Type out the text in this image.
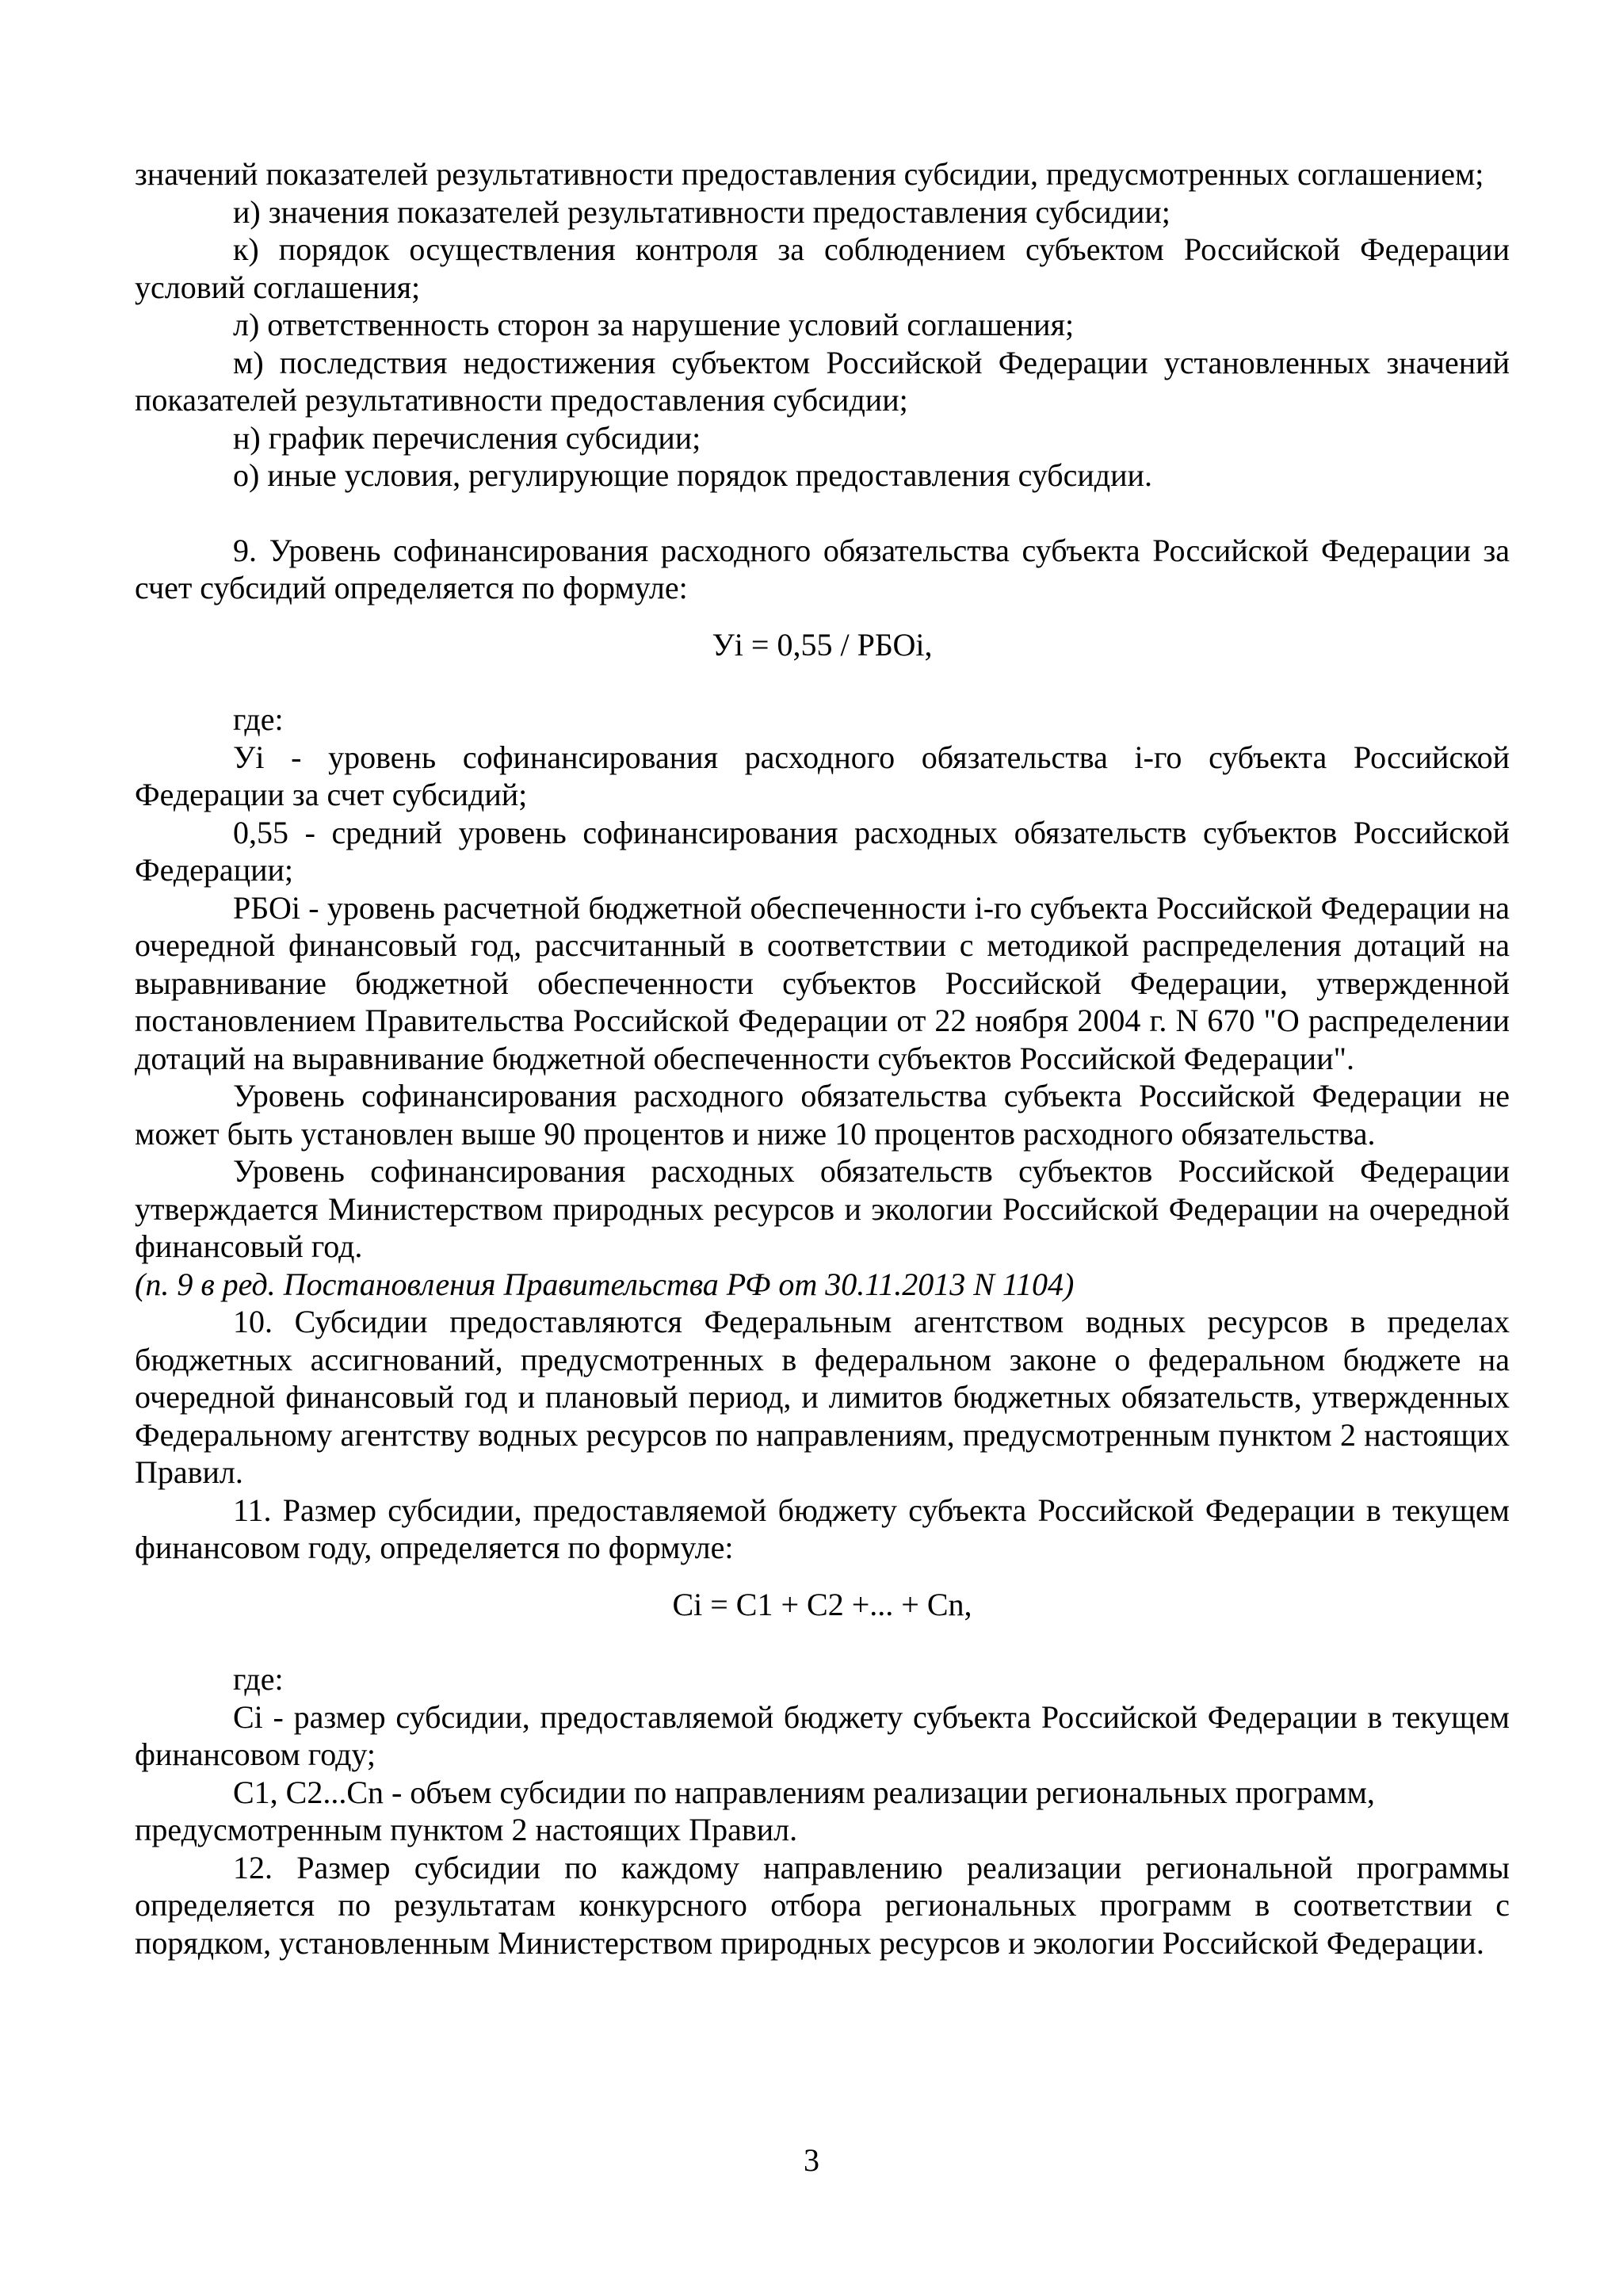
значений показателей результативности предоставления субсидии, предусмотренных соглашением;

и) значения показателей результативности предоставления субсидии;

к) порядок осуществления контроля за соблюдением субъектом Российской Федерации условий соглашения;

л) ответственность сторон за нарушение условий соглашения;

м) последствия недостижения субъектом Российской Федерации установленных значений показателей результативности предоставления субсидии;

н) график перечисления субсидии;

о) иные условия, регулирующие порядок предоставления субсидии.

9. Уровень софинансирования расходного обязательства субъекта Российской Федерации за счет субсидий определяется по формуле:

Уi = 0,55 / РБОi,

где:

Уi - уровень софинансирования расходного обязательства i-го субъекта Российской Федерации за счет субсидий;

0,55 - средний уровень софинансирования расходных обязательств субъектов Российской Федерации;

РБОi - уровень расчетной бюджетной обеспеченности i-го субъекта Российской Федерации на очередной финансовый год, рассчитанный в соответствии с методикой распределения дотаций на выравнивание бюджетной обеспеченности субъектов Российской Федерации, утвержденной постановлением Правительства Российской Федерации от 22 ноября 2004 г. N 670 "О распределении дотаций на выравнивание бюджетной обеспеченности субъектов Российской Федерации".

Уровень софинансирования расходного обязательства субъекта Российской Федерации не может быть установлен выше 90 процентов и ниже 10 процентов расходного обязательства.

Уровень софинансирования расходных обязательств субъектов Российской Федерации утверждается Министерством природных ресурсов и экологии Российской Федерации на очередной финансовый год.

(п. 9 в ред. Постановления Правительства РФ от 30.11.2013 N 1104)

10. Субсидии предоставляются Федеральным агентством водных ресурсов в пределах бюджетных ассигнований, предусмотренных в федеральном законе о федеральном бюджете на очередной финансовый год и плановый период, и лимитов бюджетных обязательств, утвержденных Федеральному агентству водных ресурсов по направлениям, предусмотренным пунктом 2 настоящих Правил.

11. Размер субсидии, предоставляемой бюджету субъекта Российской Федерации в текущем финансовом году, определяется по формуле:

Сi = С1 + С2 +... + Сn,

где:

Сi - размер субсидии, предоставляемой бюджету субъекта Российской Федерации в текущем финансовом году;

С1, С2...Сn - объем субсидии по направлениям реализации региональных программ,

предусмотренным пунктом 2 настоящих Правил.

12. Размер субсидии по каждому направлению реализации региональной программы определяется по результатам конкурсного отбора региональных программ в соответствии с порядком, установленным Министерством природных ресурсов и экологии Российской Федерации.

3
